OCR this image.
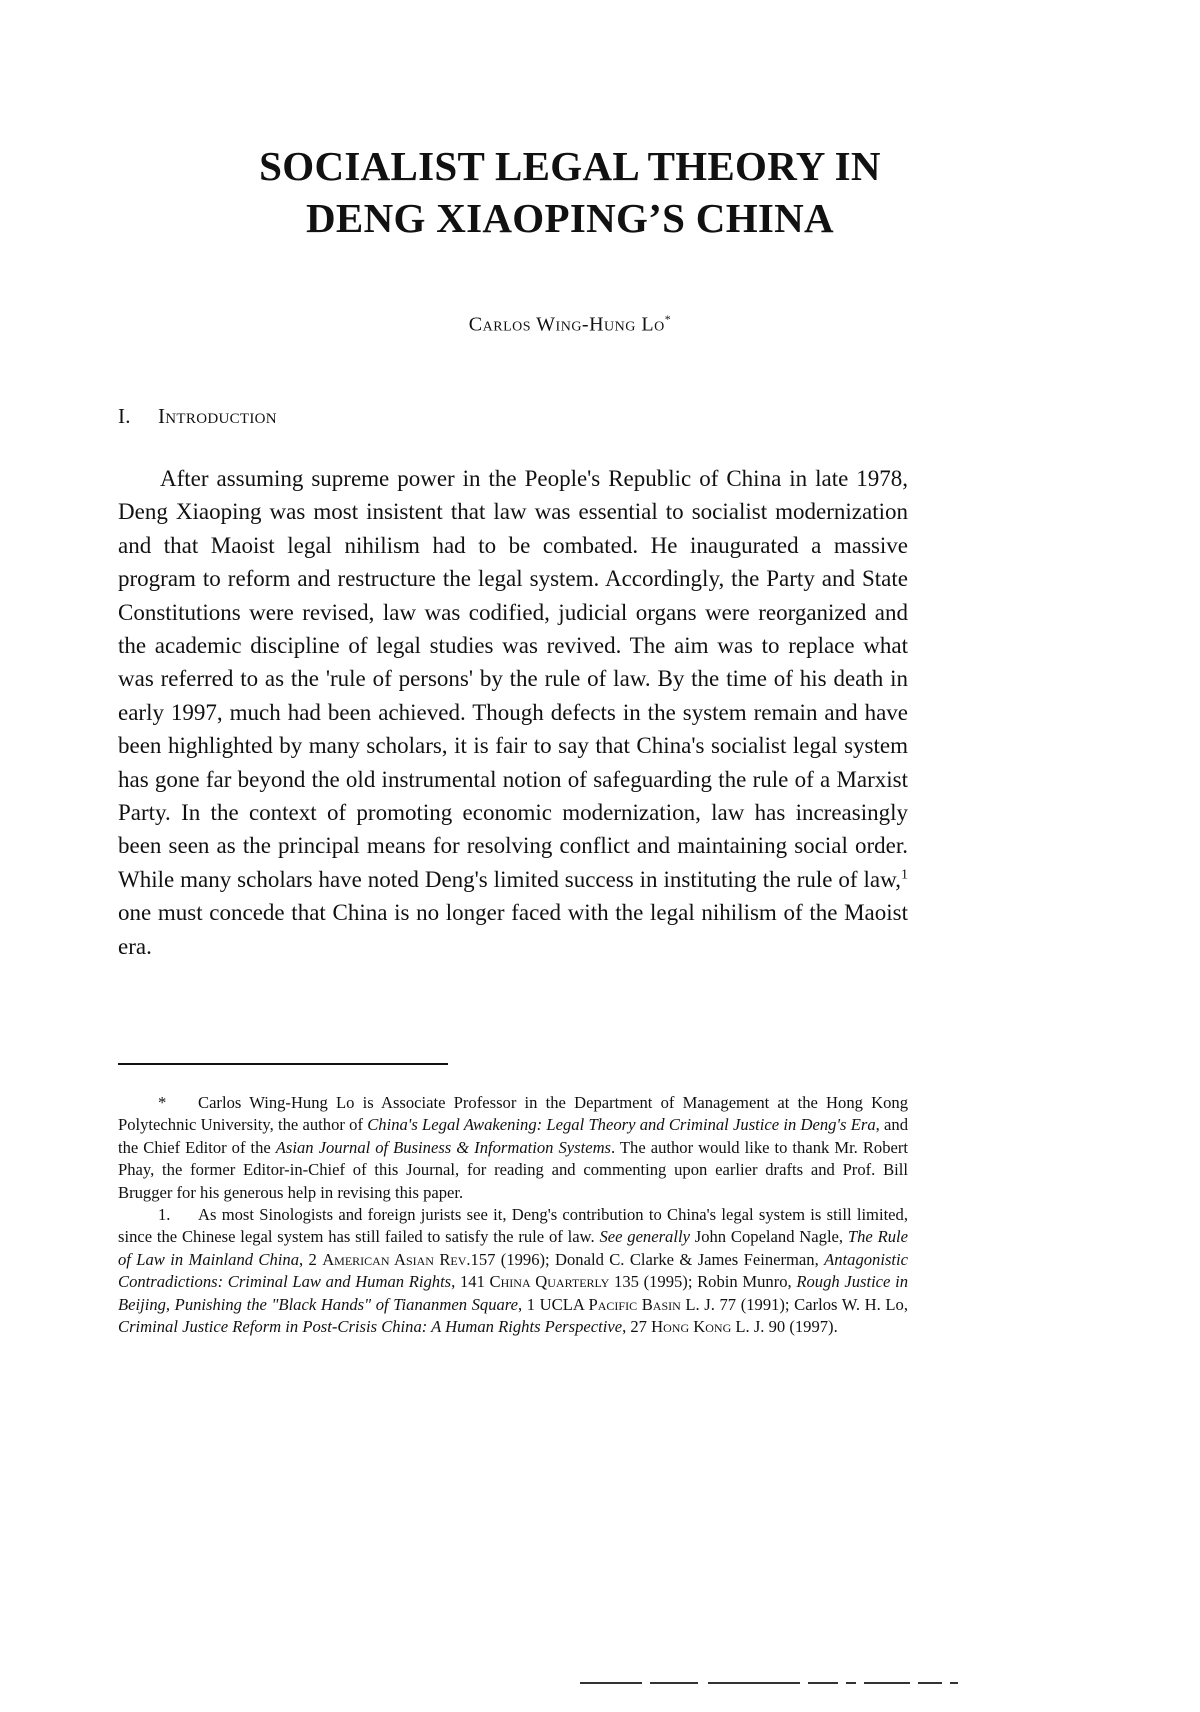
SOCIALIST LEGAL THEORY IN
DENG XIAOPING’S CHINA
Carlos Wing-Hung Lo*
I. Introduction

After assuming supreme power in the People's Republic of China in late 1978, Deng Xiaoping was most insistent that law was essential to socialist modernization and that Maoist legal nihilism had to be combated. He inaugurated a massive program to reform and restructure the legal system. Accordingly, the Party and State Constitutions were revised, law was codified, judicial organs were reorganized and the academic discipline of legal studies was revived. The aim was to replace what was referred to as the 'rule of persons' by the rule of law. By the time of his death in early 1997, much had been achieved. Though defects in the system remain and have been highlighted by many scholars, it is fair to say that China's socialist legal system has gone far beyond the old instrumental notion of safeguarding the rule of a Marxist Party. In the context of promoting economic modernization, law has increasingly been seen as the principal means for resolving conflict and maintaining social order. While many scholars have noted Deng's limited success in instituting the rule of law,$^1$ one must concede that China is no longer faced with the legal nihilism of the Maoist era.

* Carlos Wing-Hung Lo is Associate Professor in the Department of Management at the Hong Kong Polytechnic University, the author of China's Legal Awakening: Legal Theory and Criminal Justice in Deng's Era, and the Chief Editor of the Asian Journal of Business & Information Systems. The author would like to thank Mr. Robert Phay, the former Editor-in-Chief of this Journal, for reading and commenting upon earlier drafts and Prof. Bill Brugger for his generous help in revising this paper.

1. As most Sinologists and foreign jurists see it, Deng's contribution to China's legal system is still limited, since the Chinese legal system has still failed to satisfy the rule of law. See generally John Copeland Nagle, The Rule of Law in Mainland China, 2 American Asian Rev.157 (1996); Donald C. Clarke & James Feinerman, Antagonistic Contradictions: Criminal Law and Human Rights, 141 China Quarterly 135 (1995); Robin Munro, Rough Justice in Beijing, Punishing the "Black Hands" of Tiananmen Square, 1 UCLA Pacific Basin L. J. 77 (1991); Carlos W. H. Lo, Criminal Justice Reform in Post-Crisis China: A Human Rights Perspective, 27 Hong Kong L. J. 90 (1997).
